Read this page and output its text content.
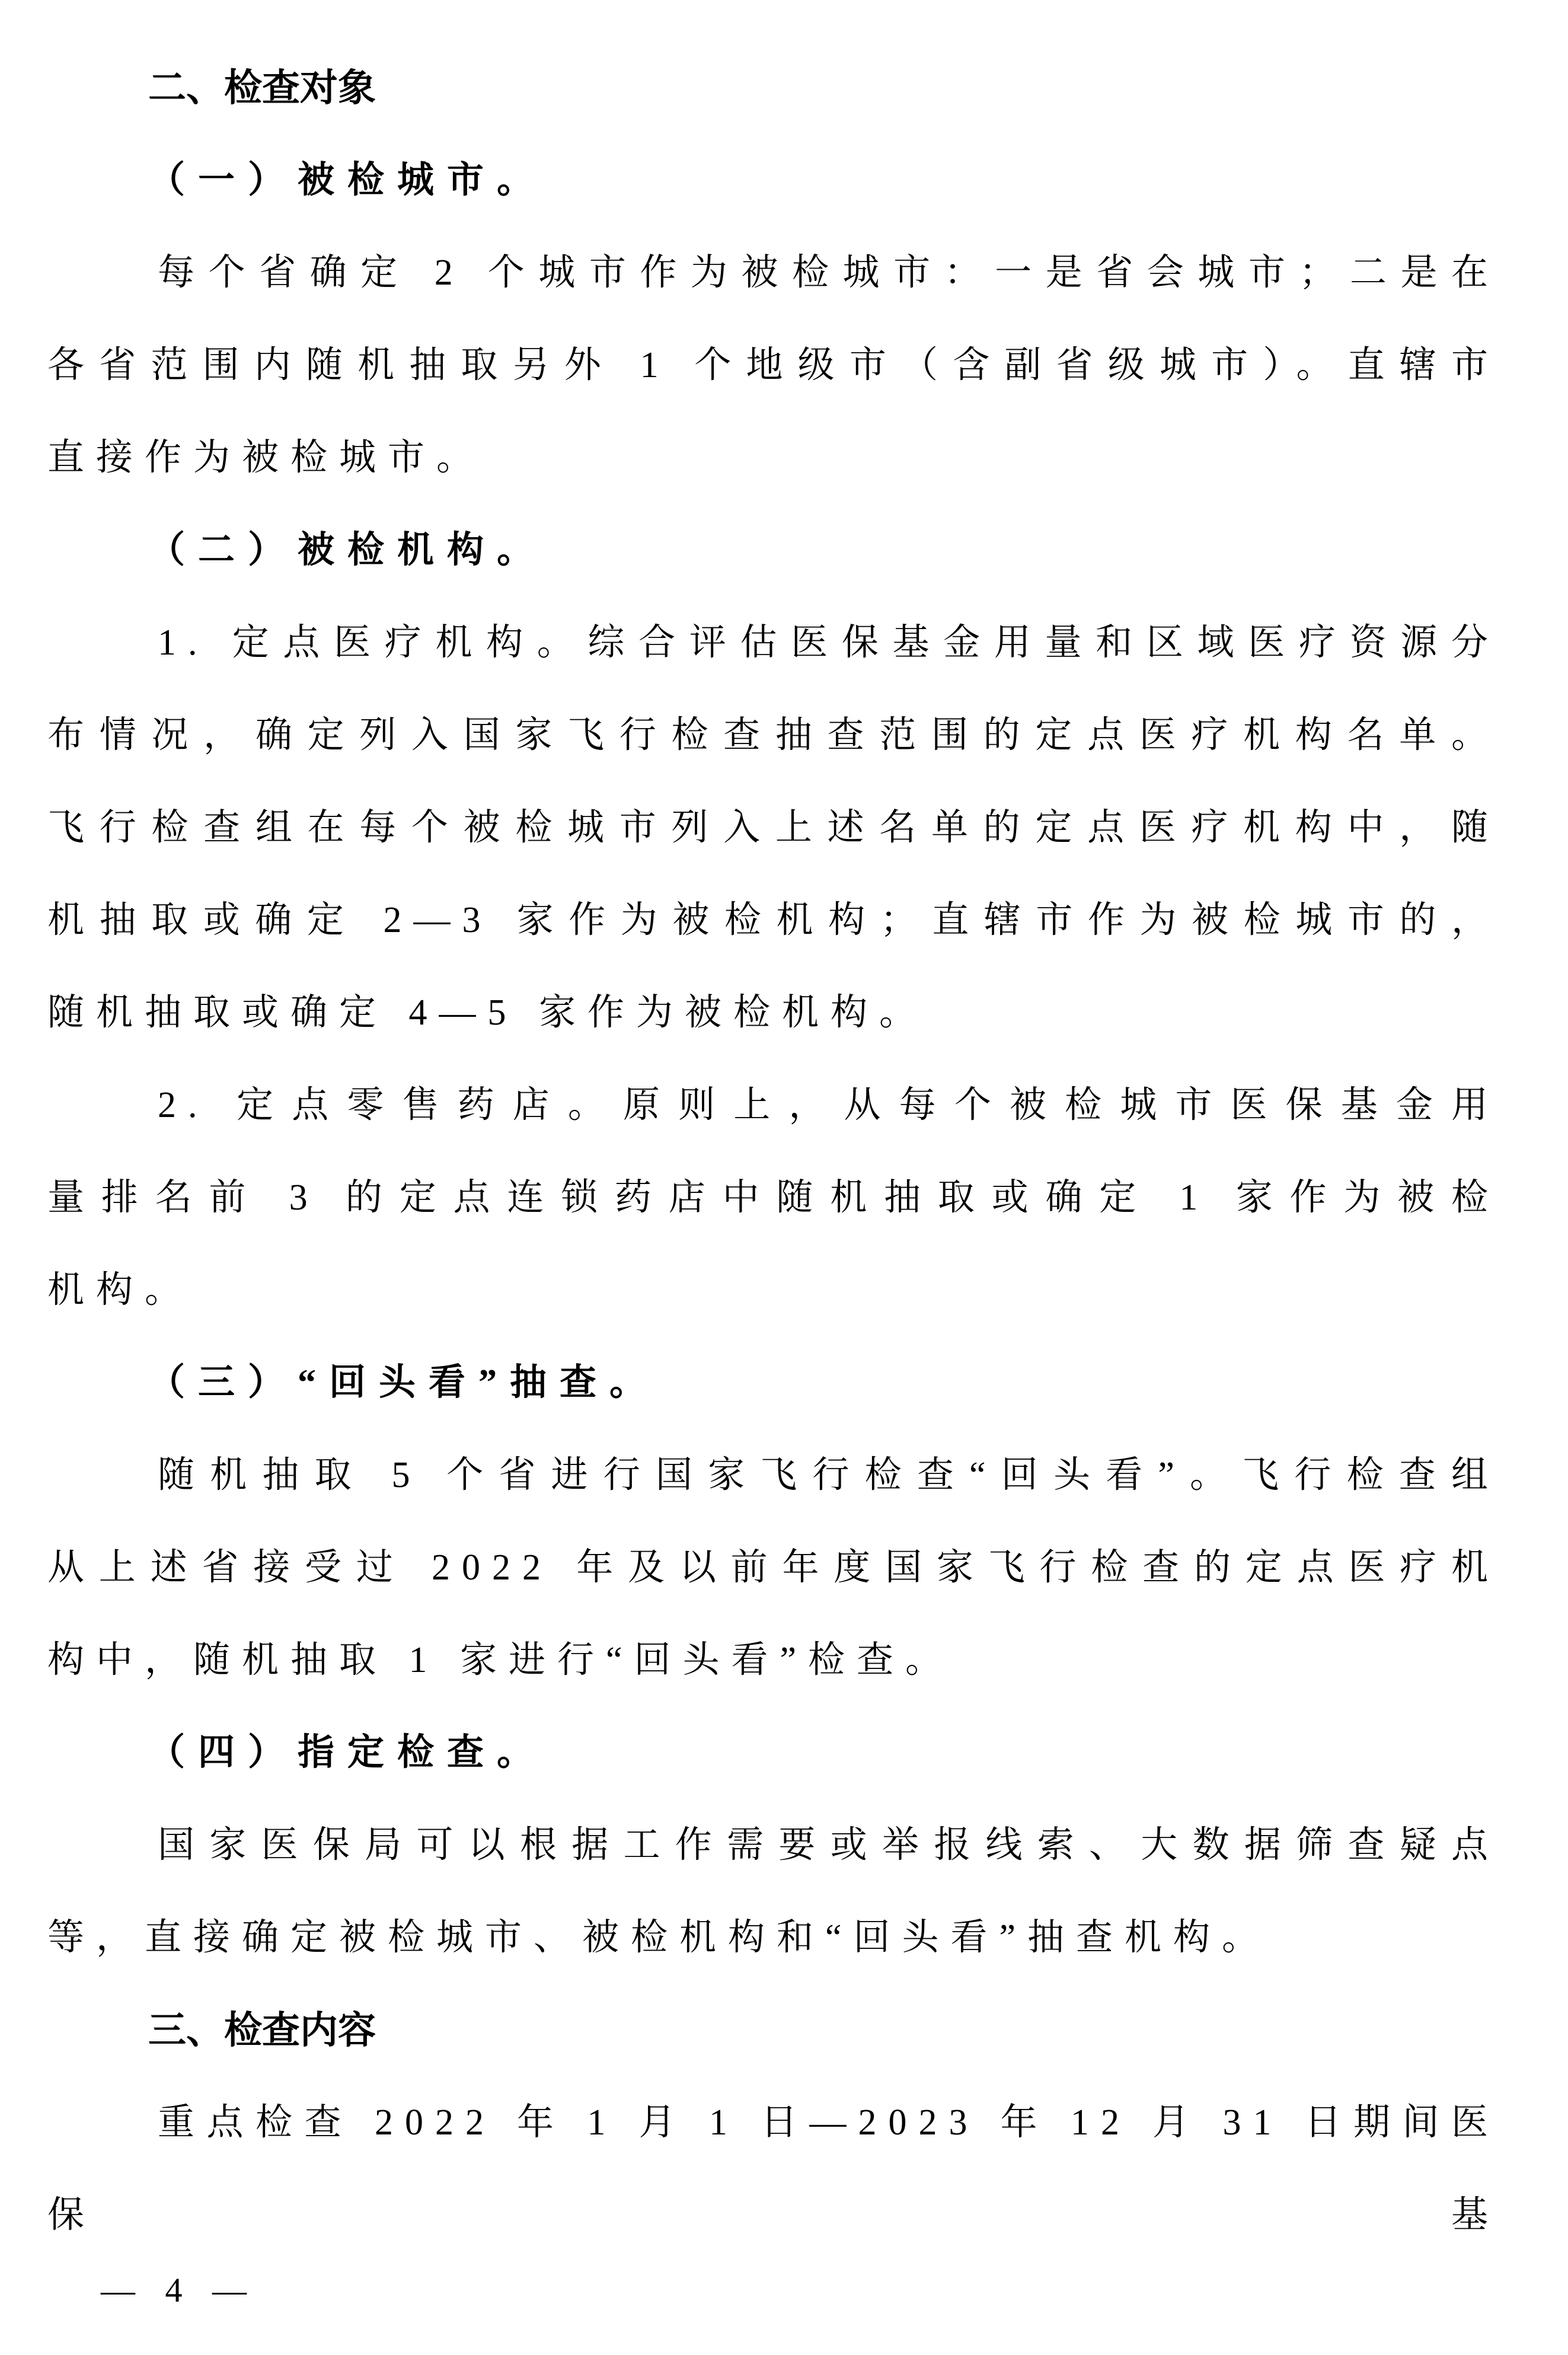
二、检查对象
（一）被检城市。
每个省确定 2 个城市作为被检城市：一是省会城市；二是在
各省范围内随机抽取另外 1 个地级市（含副省级城市）。直辖市
直接作为被检城市。
（二）被检机构。
1. 定点医疗机构。综合评估医保基金用量和区域医疗资源分
布情况，确定列入国家飞行检查抽查范围的定点医疗机构名单。
飞行检查组在每个被检城市列入上述名单的定点医疗机构中，随
机抽取或确定 2—3 家作为被检机构；直辖市作为被检城市的，
随机抽取或确定 4—5 家作为被检机构。
2. 定点零售药店。原则上，从每个被检城市医保基金用
量排名前 3 的定点连锁药店中随机抽取或确定 1 家作为被检
机构。
（三）“回头看”抽查。
随机抽取 5 个省进行国家飞行检查“回头看”。飞行检查组
从上述省接受过 2022 年及以前年度国家飞行检查的定点医疗机
构中，随机抽取 1 家进行“回头看”检查。
（四）指定检查。
国家医保局可以根据工作需要或举报线索、大数据筛查疑点
等，直接确定被检城市、被检机构和“回头看”抽查机构。
三、检查内容
重点检查 2022 年 1 月 1 日—2023 年 12 月 31 日期间医保基
— 4 —
